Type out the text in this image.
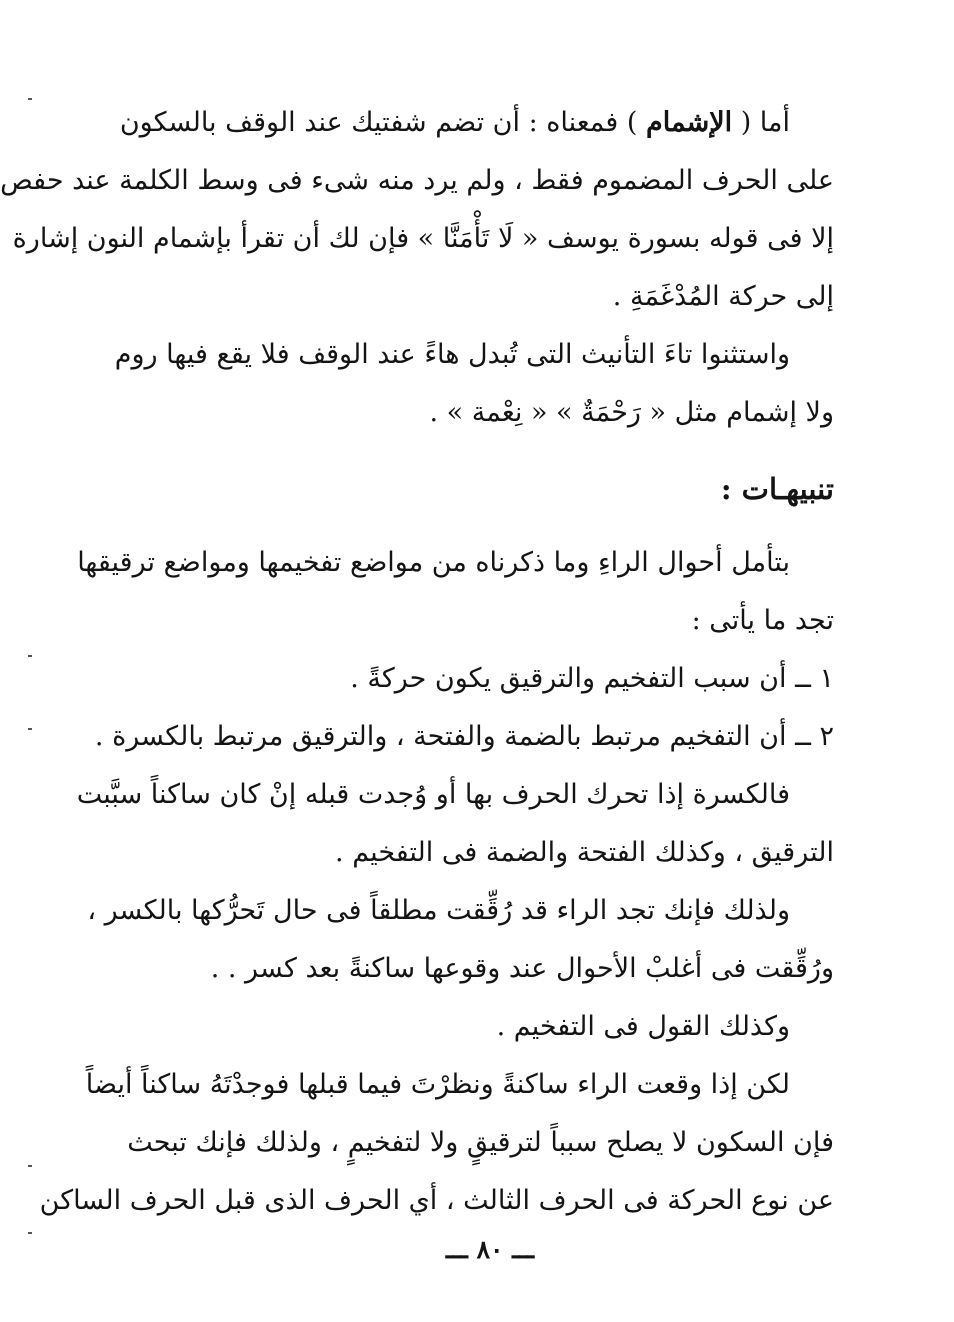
أما ( الإشمام ) فمعناه : أن تضم شفتيك عند الوقف بالسكون
على الحرف المضموم فقط ، ولم يرد منه شىء فى وسط الكلمة عند حفص
إلا فى قوله بسورة يوسف « لَا تَأْمَنَّا » فإن لك أن تقرأ بإشمام النون إشارة
إلى حركة المُدْغَمَةِ .
واستثنوا تاءَ التأنيث التى تُبدل هاءً عند الوقف فلا يقع فيها روم
ولا إشمام مثل « رَحْمَةٌ » « نِعْمة » .
تنبيهـات :
بتأمل أحوال الراءِ وما ذكرناه من مواضع تفخيمها ومواضع ترقيقها
تجد ما يأتى :
١ ــ أن سبب التفخيم والترقيق يكون حركةً .
٢ ــ أن التفخيم مرتبط بالضمة والفتحة ، والترقيق مرتبط بالكسرة .
فالكسرة إذا تحرك الحرف بها أو وُجدت قبله إنْ كان ساكناً سبَّبت
الترقيق ، وكذلك الفتحة والضمة فى التفخيم .
ولذلك فإنك تجد الراء قد رُقِّقت مطلقاً فى حال تَحرُّكها بالكسر ،
ورُقِّقت فى أغلبْ الأحوال عند وقوعها ساكنةً بعد كسر . .
وكذلك القول فى التفخيم .
لكن إذا وقعت الراء ساكنةً ونظرْتَ فيما قبلها فوجدْتَهُ ساكناً أيضاً
فإن السكون لا يصلح سبباً لترقيقٍ ولا لتفخيمٍ ، ولذلك فإنك تبحث
عن نوع الحركة فى الحرف الثالث ، أي الحرف الذى قبل الحرف الساكن
ـــ ٨٠ ـــ
